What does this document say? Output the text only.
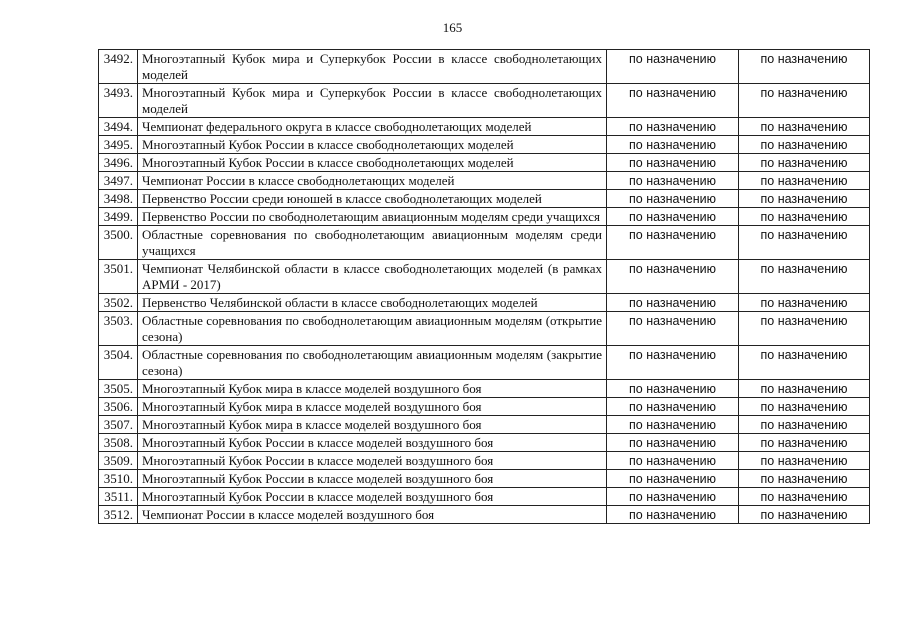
165
3492.	Многоэтапный Кубок мира и Суперкубок России в классе свободнолетающих моделей	по назначению	по назначению
3493.	Многоэтапный Кубок мира и Суперкубок России в классе свободнолетающих моделей	по назначению	по назначению
3494.	Чемпионат федерального округа в классе свободнолетающих моделей	по назначению	по назначению
3495.	Многоэтапный Кубок России в классе свободнолетающих моделей	по назначению	по назначению
3496.	Многоэтапный Кубок России в классе свободнолетающих моделей	по назначению	по назначению
3497.	Чемпионат России в классе свободнолетающих моделей	по назначению	по назначению
3498.	Первенство России среди юношей в классе свободнолетающих моделей	по назначению	по назначению
3499.	Первенство России по свободнолетающим авиационным моделям среди учащихся	по назначению	по назначению
3500.	Областные соревнования по свободнолетающим авиационным моделям среди учащихся	по назначению	по назначению
3501.	Чемпионат Челябинской области в классе свободнолетающих моделей (в рамках АРМИ - 2017)	по назначению	по назначению
3502.	Первенство Челябинской области в классе свободнолетающих моделей	по назначению	по назначению
3503.	Областные соревнования по свободнолетающим авиационным моделям (открытие сезона)	по назначению	по назначению
3504.	Областные соревнования по свободнолетающим авиационным моделям (закрытие сезона)	по назначению	по назначению
3505.	Многоэтапный Кубок мира в классе моделей воздушного боя	по назначению	по назначению
3506.	Многоэтапный Кубок мира в классе моделей воздушного боя	по назначению	по назначению
3507.	Многоэтапный Кубок мира в классе моделей воздушного боя	по назначению	по назначению
3508.	Многоэтапный Кубок России в классе моделей воздушного боя	по назначению	по назначению
3509.	Многоэтапный Кубок России в классе моделей воздушного боя	по назначению	по назначению
3510.	Многоэтапный Кубок России в классе моделей воздушного боя	по назначению	по назначению
3511.	Многоэтапный Кубок России в классе моделей воздушного боя	по назначению	по назначению
3512.	Чемпионат России в классе моделей воздушного боя	по назначению	по назначению
